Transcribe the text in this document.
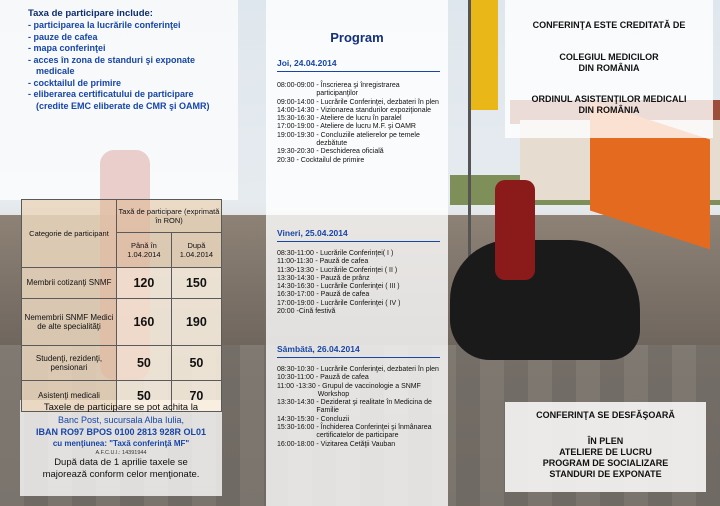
Taxa de participare include:
- participarea la lucrările conferinţei
- pauze de cafea
- mapa conferinţei
- acces în zona de standuri şi exponate
medicale
- cocktailul de primire
- eliberarea certificatului de participare
(credite EMC eliberate de CMR şi OAMR)
Categorie de participant	Taxă de participare (exprimată în RON)	
	Până în 1.04.2014	După 1.04.2014
Membrii cotizanţi SNMF	120	150
Nemembrii SNMF Medici de alte specialităţi	160	190
Studenţi, rezidenţi, pensionari	50	50
Asistenţi medicali	50	70
Taxele de participare se pot achita la
Banc Post, sucursala Alba Iulia,
IBAN RO97 BPOS 0100 2813 928R OL01
cu menţiunea: "Taxă conferinţă MF"
A.F.C.U.I.: 14391944
După data de 1 aprilie taxele se
majorează conform celor menţionate.
Program
Joi, 24.04.2014
08:00-09:00 - Înscrierea şi înregistrarea participanţilor
09:00-14:00 - Lucrările Conferinţei, dezbateri în plen
14:00-14:30 - Vizionarea standurilor expoziţionale
15:30-16:30 - Ateliere de lucru în paralel
17:00-19:00 - Ateliere de lucru M.F. şi OAMR
19:00-19:30 - Concluziile atelierelor pe temele dezbătute
19:30-20:30 - Deschiderea oficială
20:30 - Cocktailul de primire
Vineri, 25.04.2014
08:30-11:00 - Lucrările Conferinţei( I )
11:00-11:30 - Pauză de cafea
11:30-13:30 - Lucrările Conferinţei ( II )
13:30-14:30 - Pauză de prânz
14:30-16:30 - Lucrările Conferinţei ( III )
16:30-17:00 - Pauză de cafea
17:00-19:00 - Lucrările Conferinţei ( IV )
20:00 -Cină festivă
Sâmbătă, 26.04.2014
08:30-10:30 - Lucrările Conferinţei, dezbateri în plen
10:30-11:00 - Pauză de cafea
11:00 -13:30 - Grupul de vaccinologie a SNMF Workshop
13:30-14:30 - Deziderat şi realitate în Medicina de Familie
14:30-15:30 - Concluzii
15:30-16:00 - Închiderea Conferinţei şi înmânarea certificatelor de participare
16:00-18:00 - Vizitarea Cetăţii Vauban
CONFERINŢA ESTE CREDITATĂ DE
COLEGIUL MEDICILOR
DIN ROMÂNIA
ORDINUL ASISTENŢILOR MEDICALI
DIN ROMÂNIA
CONFERINŢA SE DESFĂŞOARĂ
ÎN PLEN
ATELIERE DE LUCRU
PROGRAM DE SOCIALIZARE
STANDURI DE EXPONATE
